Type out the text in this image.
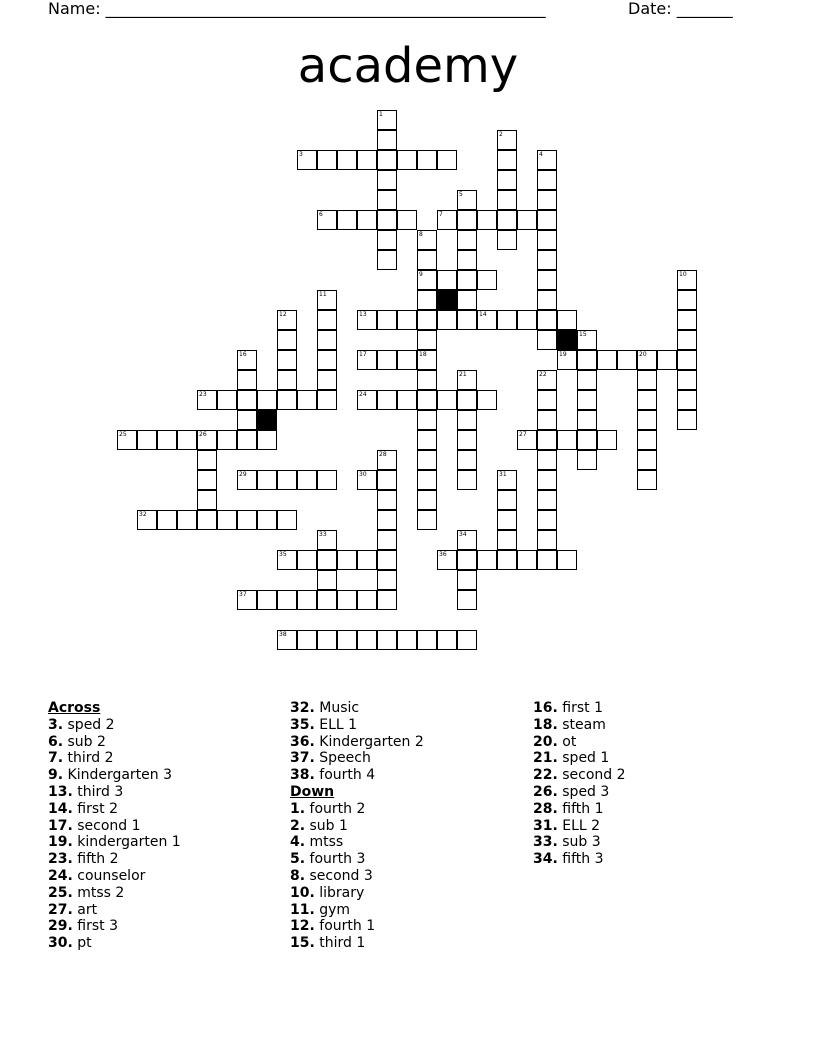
Name: _______________________________________________________	Date: _______
academy
1
2
3	4
5
6	7
8
9	10
11
12	13	14
15
16	17	18	19	20
21	22
23	24
25	26	27
28
29	30	31
32
33	34
35	36
37
38
Across
3. sped 2
6. sub 2
7. third 2
9. Kindergarten 3
13. third 3
14. first 2
17. second 1
19. kindergarten 1
23. fifth 2
24. counselor
25. mtss 2
27. art
29. first 3
30. pt
32. Music
35. ELL 1
36. Kindergarten 2
37. Speech
38. fourth 4
Down
1. fourth 2
2. sub 1
4. mtss
5. fourth 3
8. second 3
10. library
11. gym
12. fourth 1
15. third 1
16. first 1
18. steam
20. ot
21. sped 1
22. second 2
26. sped 3
28. fifth 1
31. ELL 2
33. sub 3
34. fifth 3
